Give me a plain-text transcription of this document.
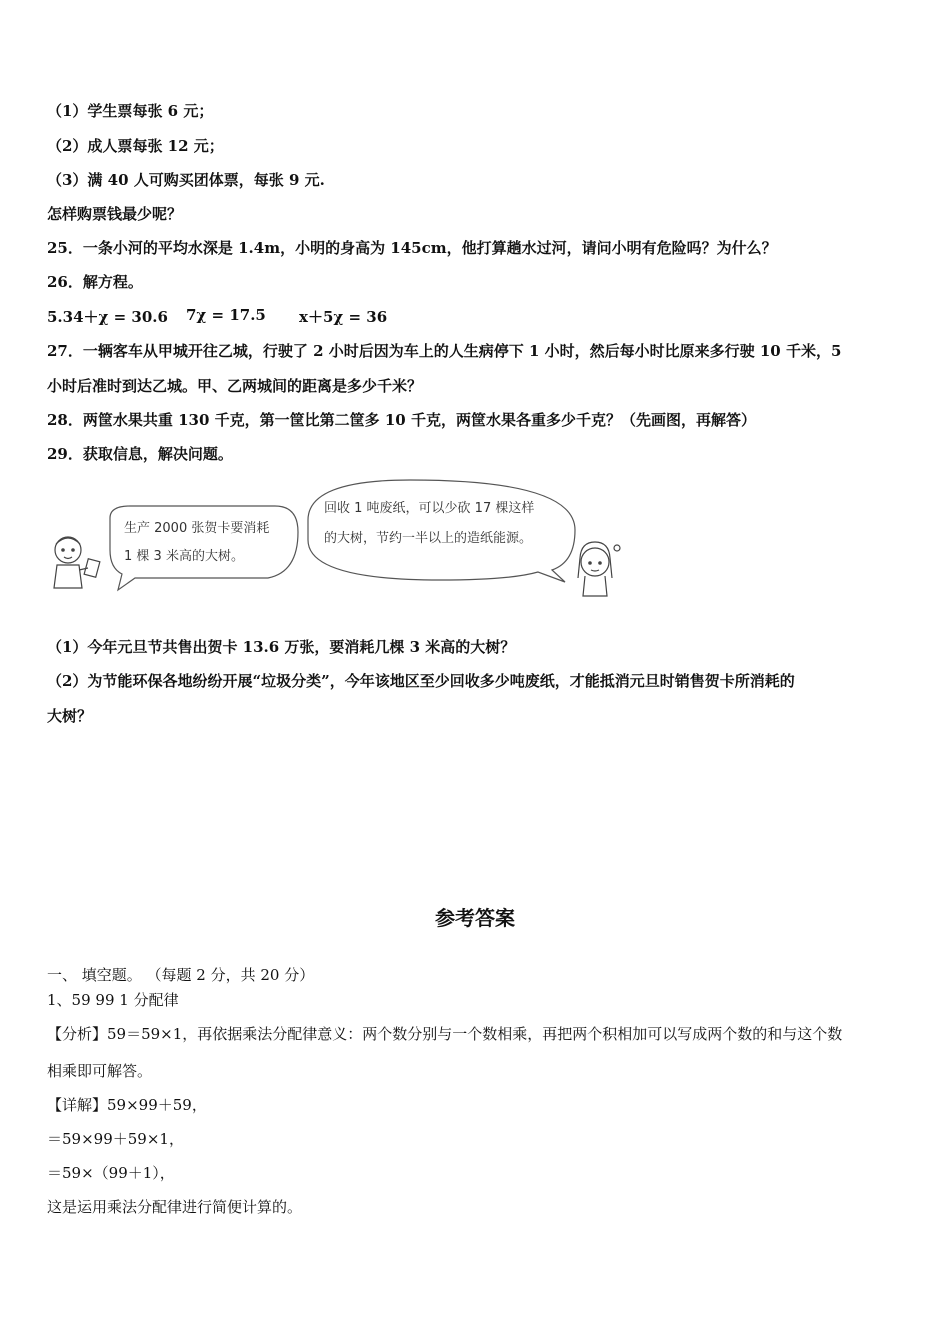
（1）学生票每张 6 元；
（2）成人票每张 12 元；
（3）满 40 人可购买团体票，每张 9 元.
怎样购票钱最少呢？
25．一条小河的平均水深是 1.4m，小明的身高为 145cm，他打算趟水过河，请问小明有危险吗？为什么？
26．解方程。
5.34＋χ = 30.6 7χ = 17.5 x＋5χ = 36
27．一辆客车从甲城开往乙城，行驶了 2 小时后因为车上的人生病停下 1 小时，然后每小时比原来多行驶 10 千米，5
小时后准时到达乙城。甲、乙两城间的距离是多少千米？
28．两筐水果共重 130 千克，第一筐比第二筐多 10 千克，两筐水果各重多少千克？（先画图，再解答）
29．获取信息，解决问题。
生产 2000 张贺卡要消耗
1 棵 3 米高的大树。
回收 1 吨废纸，可以少砍 17 棵这样
的大树，节约一半以上的造纸能源。
（1）今年元旦节共售出贺卡 13.6 万张，要消耗几棵 3 米高的大树？
（2）为节能环保各地纷纷开展“垃圾分类”，今年该地区至少回收多少吨废纸，才能抵消元旦时销售贺卡所消耗的
大树？
参考答案
一、 填空题。 （每题 2 分，共 20 分）
1、59 99 1 分配律
【分析】59＝59×1，再依据乘法分配律意义：两个数分别与一个数相乘，再把两个积相加可以写成两个数的和与这个数
相乘即可解答。
【详解】59×99＋59，
＝59×99＋59×1，
＝59×（99＋1），
这是运用乘法分配律进行简便计算的。
